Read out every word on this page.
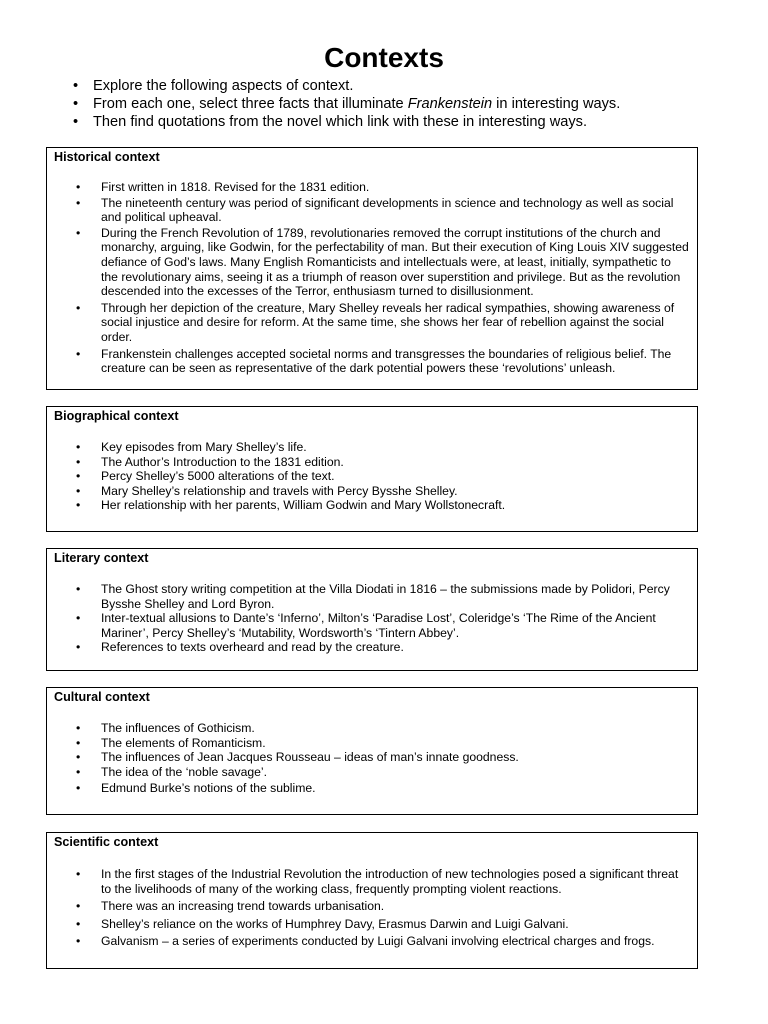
Contexts
• Explore the following aspects of context.
• From each one, select three facts that illuminate Frankenstein in interesting ways.
• Then find quotations from the novel which link with these in interesting ways.
Historical context
• First written in 1818. Revised for the 1831 edition.
• The nineteenth century was period of significant developments in science and technology as well as social and political upheaval.
• During the French Revolution of 1789, revolutionaries removed the corrupt institutions of the church and monarchy, arguing, like Godwin, for the perfectability of man. But their execution of King Louis XIV suggested defiance of God’s laws. Many English Romanticists and intellectuals were, at least, initially, sympathetic to the revolutionary aims, seeing it as a triumph of reason over superstition and privilege. But as the revolution descended into the excesses of the Terror, enthusiasm turned to disillusionment.
• Through her depiction of the creature, Mary Shelley reveals her radical sympathies, showing awareness of social injustice and desire for reform. At the same time, she shows her fear of rebellion against the social order.
• Frankenstein challenges accepted societal norms and transgresses the boundaries of religious belief. The creature can be seen as representative of the dark potential powers these ‘revolutions’ unleash.
Biographical context
• Key episodes from Mary Shelley’s life.
• The Author’s Introduction to the 1831 edition.
• Percy Shelley’s 5000 alterations of the text.
• Mary Shelley’s relationship and travels with Percy Bysshe Shelley.
• Her relationship with her parents, William Godwin and Mary Wollstonecraft.
Literary context
• The Ghost story writing competition at the Villa Diodati in 1816 – the submissions made by Polidori, Percy Bysshe Shelley and Lord Byron.
• Inter-textual allusions to Dante’s ‘Inferno’, Milton’s ‘Paradise Lost’, Coleridge’s ‘The Rime of the Ancient Mariner’, Percy Shelley’s ‘Mutability, Wordsworth’s ‘Tintern Abbey’.
• References to texts overheard and read by the creature.
Cultural context
• The influences of Gothicism.
• The elements of Romanticism.
• The influences of Jean Jacques Rousseau – ideas of man’s innate goodness.
• The idea of the ‘noble savage’.
• Edmund Burke’s notions of the sublime.
Scientific context
• In the first stages of the Industrial Revolution the introduction of new technologies posed a significant threat to the livelihoods of many of the working class, frequently prompting violent reactions.
• There was an increasing trend towards urbanisation.
• Shelley’s reliance on the works of Humphrey Davy, Erasmus Darwin and Luigi Galvani.
• Galvanism – a series of experiments conducted by Luigi Galvani involving electrical charges and frogs.
